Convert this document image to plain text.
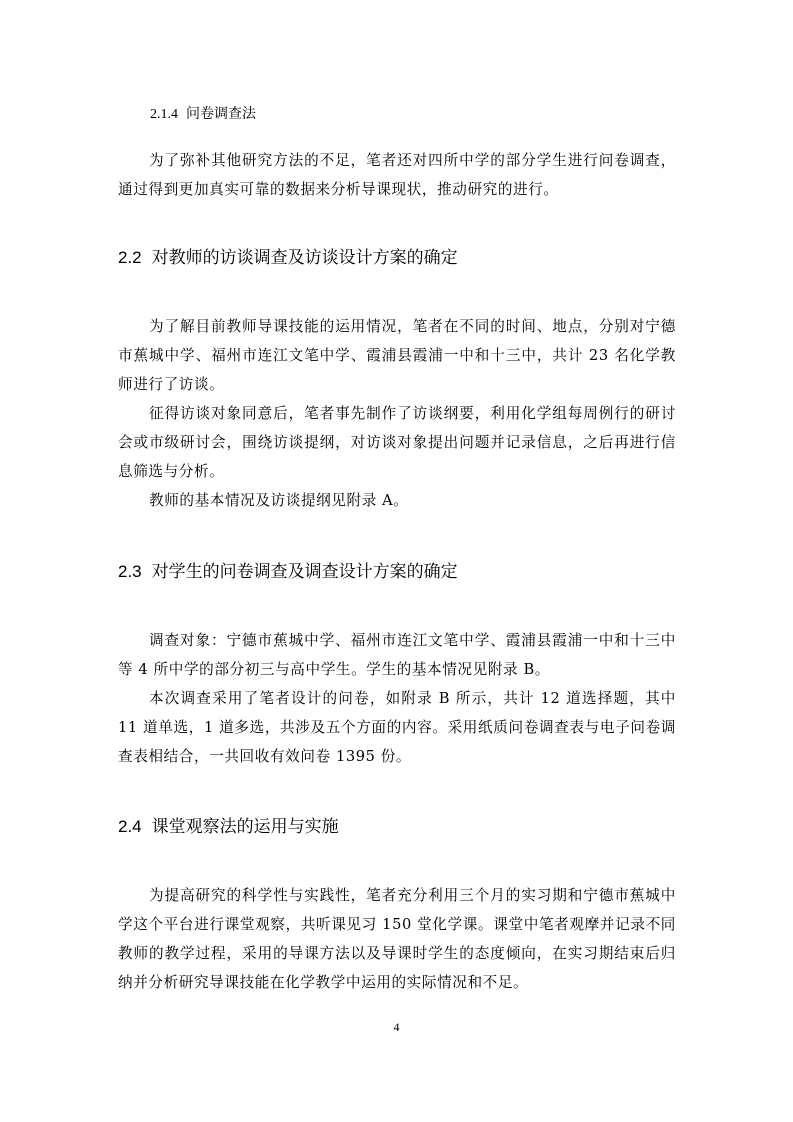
2.1.4 问卷调查法

为了弥补其他研究方法的不足，笔者还对四所中学的部分学生进行问卷调查，通过得到更加真实可靠的数据来分析导课现状，推动研究的进行。

2.2 对教师的访谈调查及访谈设计方案的确定

为了解目前教师导课技能的运用情况，笔者在不同的时间、地点，分别对宁德市蕉城中学、福州市连江文笔中学、霞浦县霞浦一中和十三中，共计 23 名化学教师进行了访谈。

征得访谈对象同意后，笔者事先制作了访谈纲要，利用化学组每周例行的研讨会或市级研讨会，围绕访谈提纲，对访谈对象提出问题并记录信息，之后再进行信息筛选与分析。

教师的基本情况及访谈提纲见附录 A。

2.3 对学生的问卷调查及调查设计方案的确定

调查对象：宁德市蕉城中学、福州市连江文笔中学、霞浦县霞浦一中和十三中等 4 所中学的部分初三与高中学生。学生的基本情况见附录 B。

本次调查采用了笔者设计的问卷，如附录 B 所示，共计 12 道选择题，其中 11 道单选，1 道多选，共涉及五个方面的内容。采用纸质问卷调查表与电子问卷调查表相结合，一共回收有效问卷 1395 份。

2.4 课堂观察法的运用与实施

为提高研究的科学性与实践性，笔者充分利用三个月的实习期和宁德市蕉城中学这个平台进行课堂观察，共听课见习 150 堂化学课。课堂中笔者观摩并记录不同教师的教学过程，采用的导课方法以及导课时学生的态度倾向，在实习期结束后归纳并分析研究导课技能在化学教学中运用的实际情况和不足。

4
